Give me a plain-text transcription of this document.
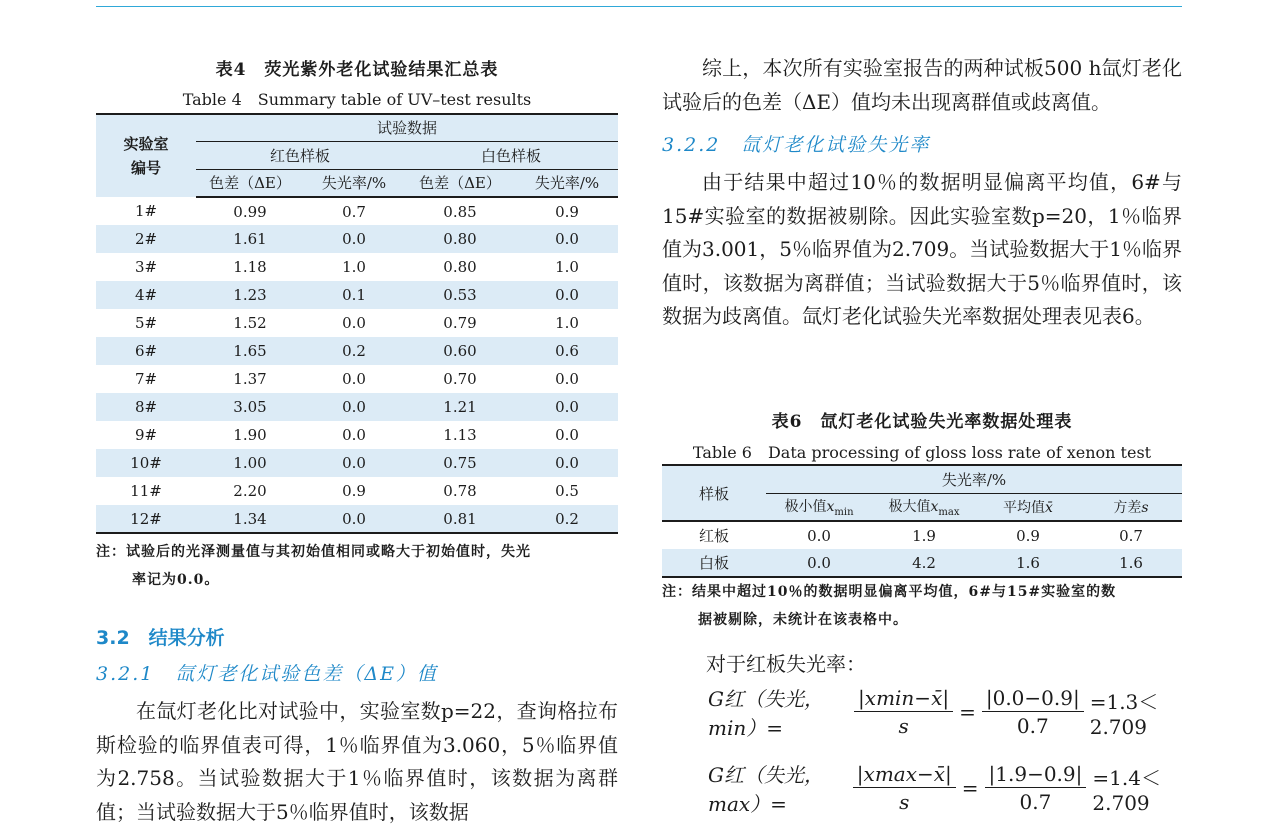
表4　荧光紫外老化试验结果汇总表
Table 4　Summary table of UV–test results
实验室编号	试验数据			
	红色样板		白色样板	
	色差（ΔE）	失光率/%	色差（ΔE）	失光率/%
1#	0.99	0.7	0.85	0.9
2#	1.61	0.0	0.80	0.0
3#	1.18	1.0	0.80	1.0
4#	1.23	0.1	0.53	0.0
5#	1.52	0.0	0.79	1.0
6#	1.65	0.2	0.60	0.6
7#	1.37	0.0	0.70	0.0
8#	3.05	0.0	1.21	0.0
9#	1.90	0.0	1.13	0.0
10#	1.00	0.0	0.75	0.0
11#	2.20	0.9	0.78	0.5
12#	1.34	0.0	0.81	0.2
注：试验后的光泽测量值与其初始值相同或略大于初始值时，失光
率记为0.0。
3.2　结果分析
3.2.1　氙灯老化试验色差（ΔE）值
在氙灯老化比对试验中，实验室数p=22，查询格拉布斯检验的临界值表可得，1％临界值为3.060，5％临界值为2.758。当试验数据大于1％临界值时，该数据为离群值；当试验数据大于5％临界值时，该数据
综上，本次所有实验室报告的两种试板500 h氙灯老化试验后的色差（ΔE）值均未出现离群值或歧离值。
3.2.2　氙灯老化试验失光率
由于结果中超过10％的数据明显偏离平均值，6#与15#实验室的数据被剔除。因此实验室数p=20，1％临界值为3.001，5％临界值为2.709。当试验数据大于1％临界值时，该数据为离群值；当试验数据大于5％临界值时，该数据为歧离值。氙灯老化试验失光率数据处理表见表6。
表6　氙灯老化试验失光率数据处理表
Table 6　Data processing of gloss loss rate of xenon test
样板	失光率/%			
	极小值$x_{min}$	极大值$x_{max}$	平均值x̄	方差s
红板	0.0	1.9	0.9	0.7
白板	0.0	4.2	1.6	1.6
注：结果中超过10％的数据明显偏离平均值，6#与15#实验室的数
据被剔除，未统计在该表格中。
对于红板失光率：
G红（失光，min）=	$\frac{|xmin-x̄|}{s} = \frac{|0.0-0.9|}{0.7} =1.3<2.709$
G红（失光，max）=	$\frac{|xmax-x̄|}{s} = \frac{|1.9-0.9|}{0.7} =1.4<2.709$
